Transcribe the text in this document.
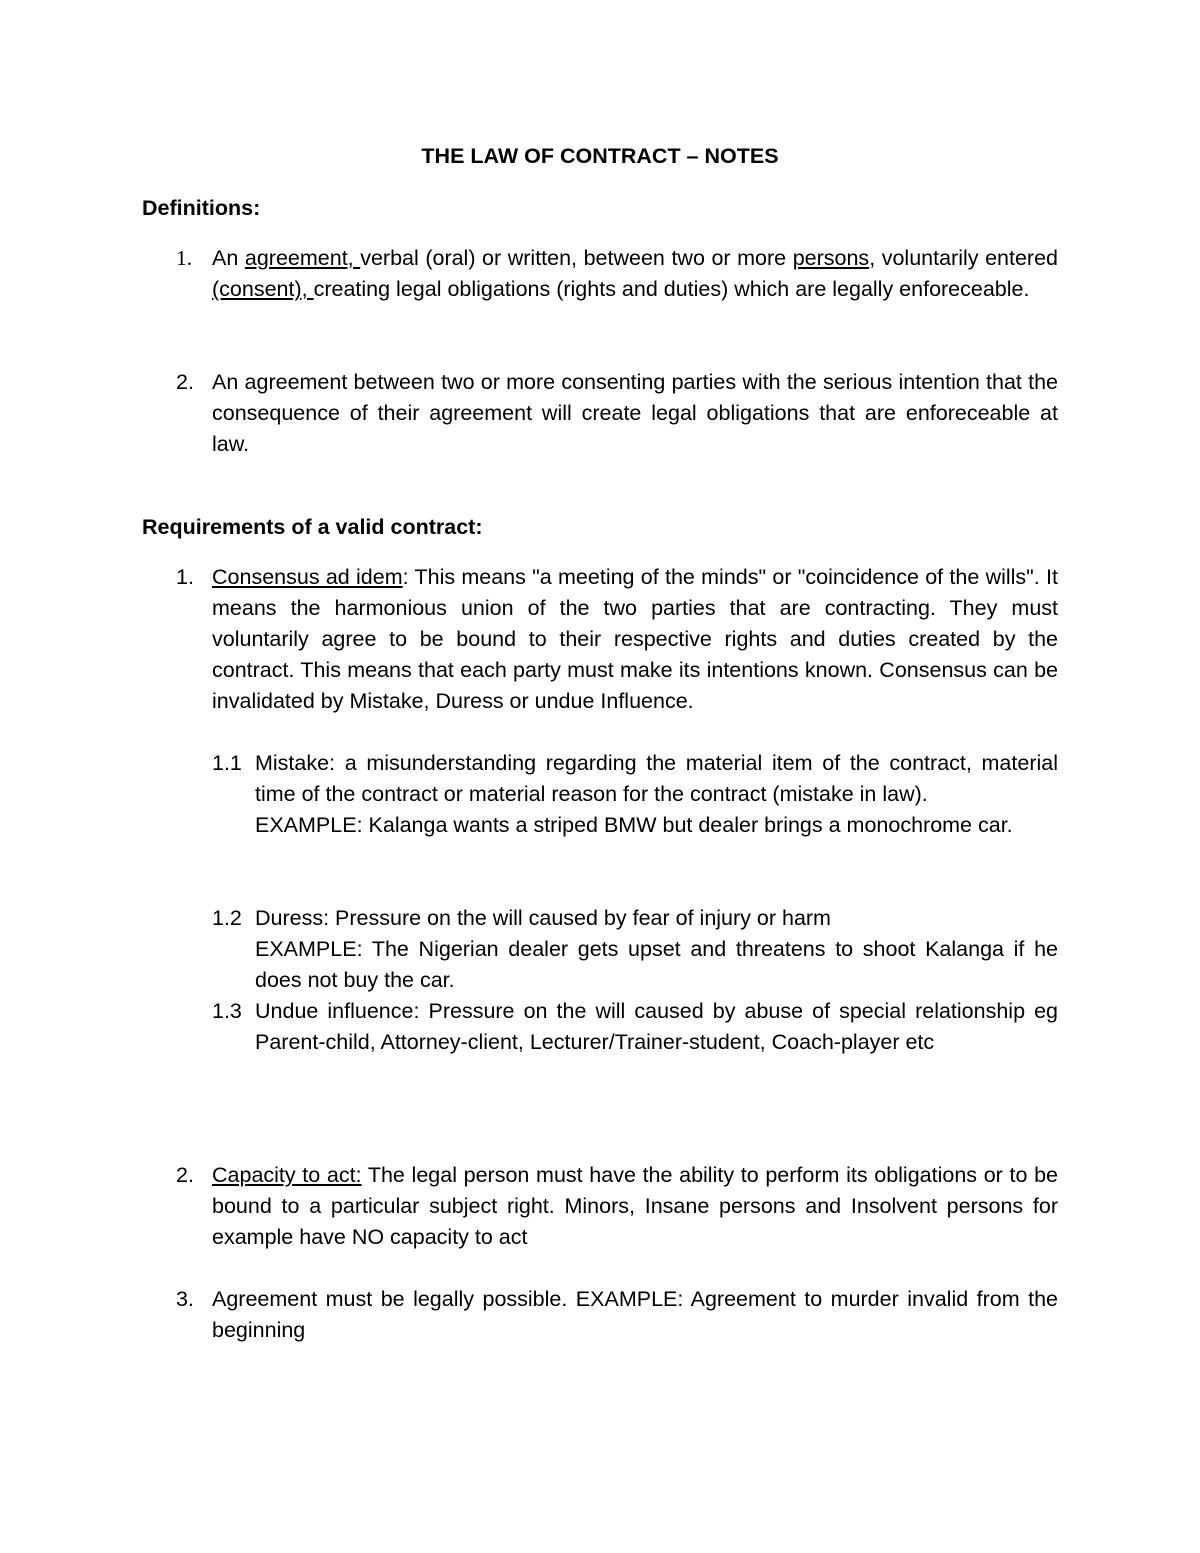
THE LAW OF CONTRACT – NOTES
Definitions:
1. An agreement, verbal (oral) or written, between two or more persons, voluntarily entered (consent), creating legal obligations (rights and duties) which are legally enforeceable.
2. An agreement between two or more consenting parties with the serious intention that the consequence of their agreement will create legal obligations that are enforeceable at law.
Requirements of a valid contract:
1. Consensus ad idem: This means "a meeting of the minds" or "coincidence of the wills". It means the harmonious union of the two parties that are contracting. They must voluntarily agree to be bound to their respective rights and duties created by the contract. This means that each party must make its intentions known. Consensus can be invalidated by Mistake, Duress or undue Influence.
1.1 Mistake: a misunderstanding regarding the material item of the contract, material time of the contract or material reason for the contract (mistake in law).
EXAMPLE: Kalanga wants a striped BMW but dealer brings a monochrome car.
1.2 Duress: Pressure on the will caused by fear of injury or harm
EXAMPLE: The Nigerian dealer gets upset and threatens to shoot Kalanga if he does not buy the car.
1.3 Undue influence: Pressure on the will caused by abuse of special relationship eg Parent-child, Attorney-client, Lecturer/Trainer-student, Coach-player etc
2. Capacity to act: The legal person must have the ability to perform its obligations or to be bound to a particular subject right. Minors, Insane persons and Insolvent persons for example have NO capacity to act
3. Agreement must be legally possible. EXAMPLE: Agreement to murder invalid from the beginning
